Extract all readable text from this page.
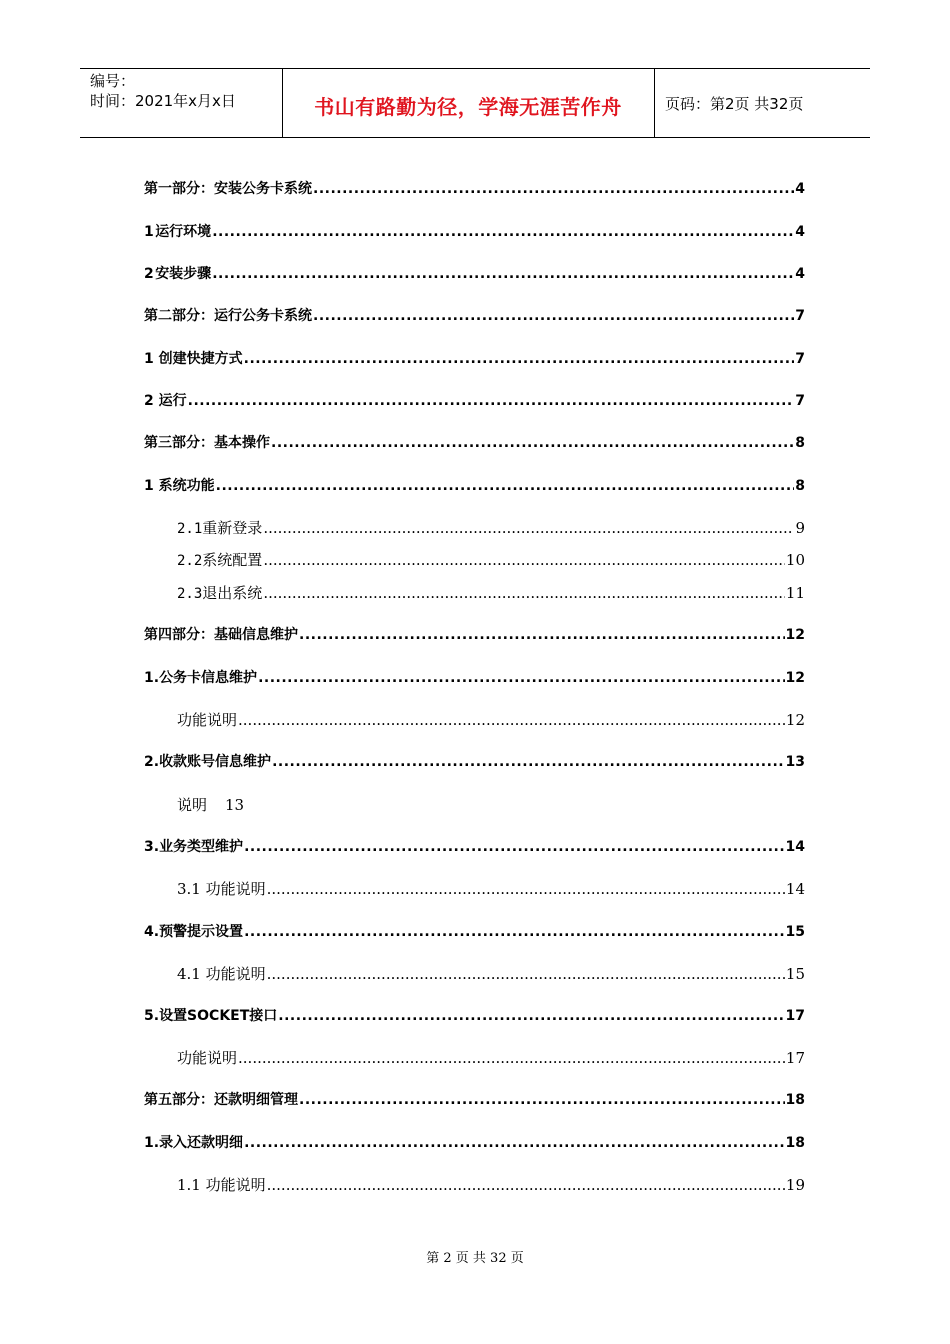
编号：
时间：2021年x月x日	书山有路勤为径，学海无涯苦作舟	页码：第2页 共32页
第一部分：安装公务卡系统 .....	4
1 运行环境 .....	4
2 安装步骤 .....	4
第二部分：运行公务卡系统 .....	7
1 创建快捷方式 .....	7
2 运行 .....	7
第三部分：基本操作 .....	8
1 系统功能 .....	8
2.1 重新登录 .....	9
2.2 系统配置 .....	10
2.3 退出系统 .....	11
第四部分：基础信息维护 .....	12
1. 公务卡信息维护 .....	12
功能说明 .....	12
2. 收款账号信息维护 .....	13
说明 13
3. 业务类型维护 .....	14
3.1 功能说明 .....	14
4. 预警提示设置 .....	15
4.1 功能说明 .....	15
5. 设置SOCKET接口 .....	17
功能说明 .....	17
第五部分：还款明细管理 .....	18
1. 录入还款明细 .....	18
1.1 功能说明 .....	19
第 2 页 共 32 页
